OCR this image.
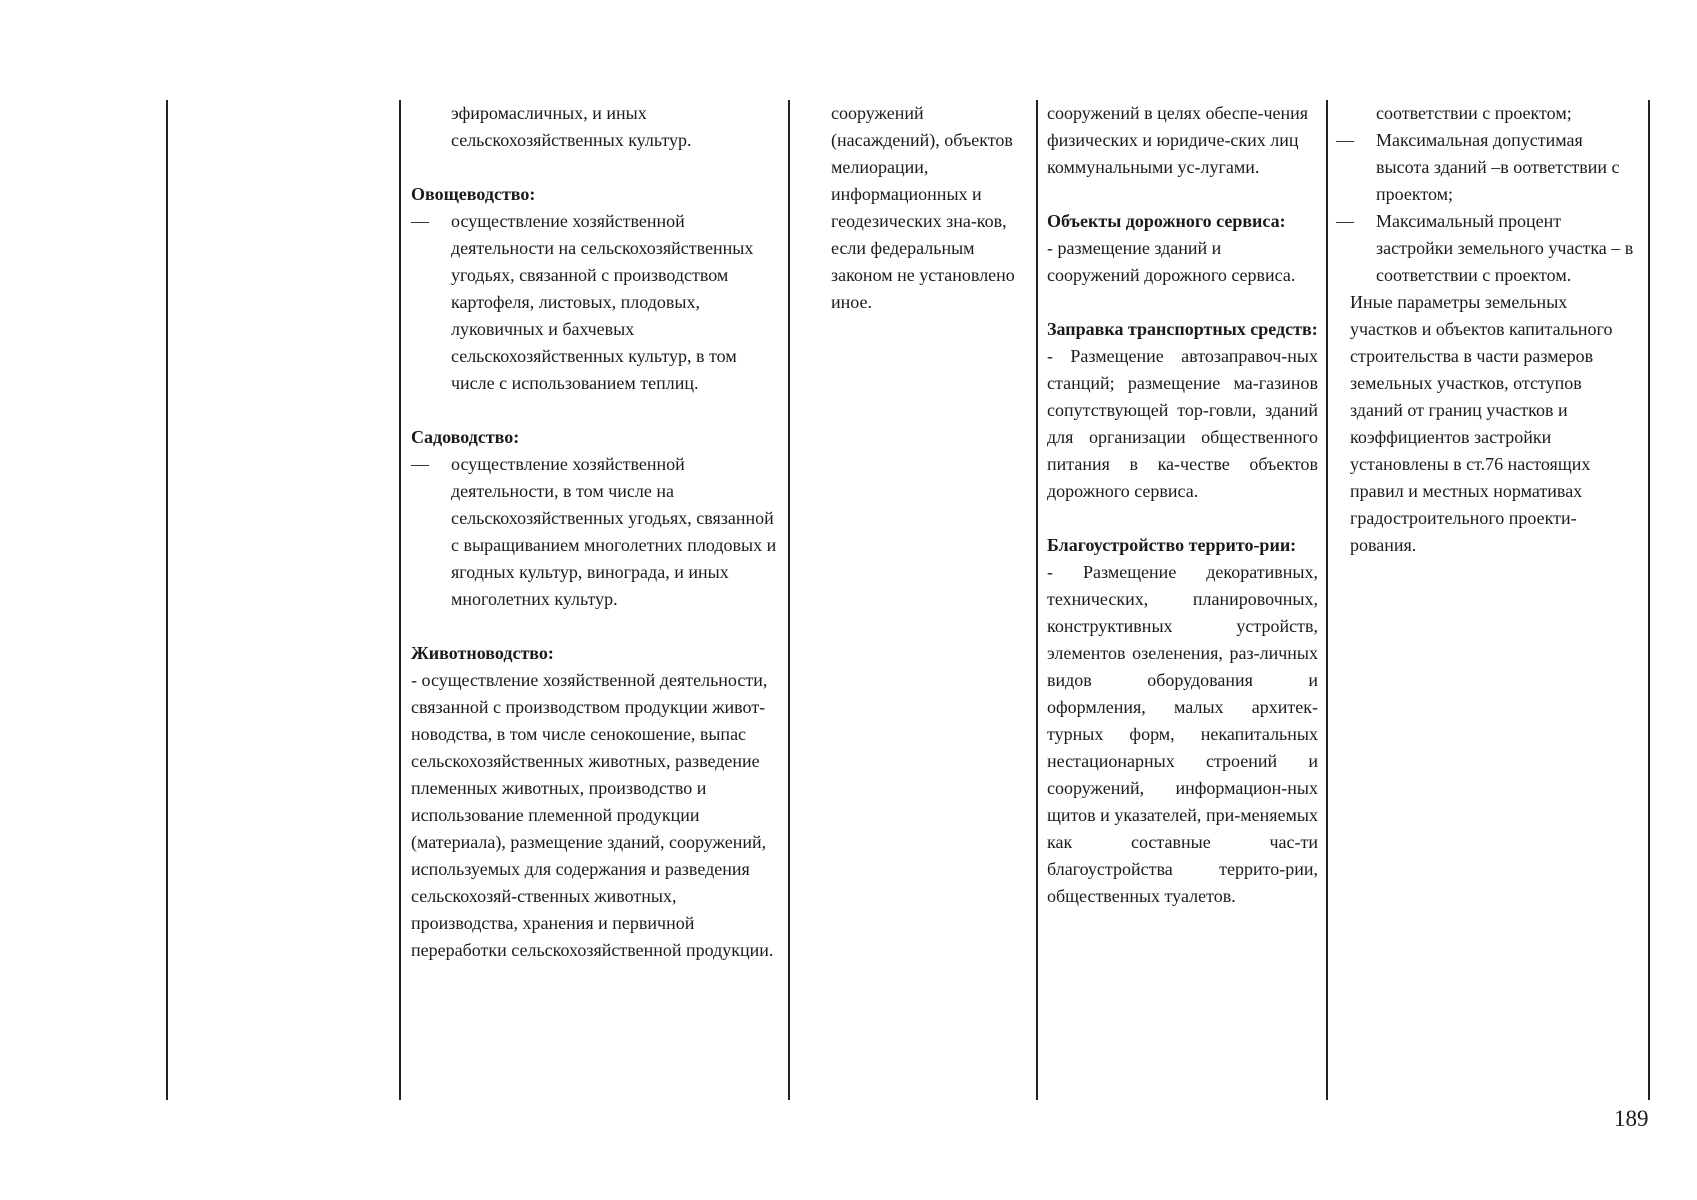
эфиромасличных, и иных сельскохозяйственных культур.

Овощеводство:

— осуществление хозяйственной деятельности на сельскохозяйственных угодьях, связанной с производством картофеля, листовых, плодовых, луковичных и бахчевых сельскохозяйственных культур, в том числе с использованием теплиц.

Садоводство:

— осуществление хозяйственной деятельности, в том числе на сельскохозяйственных угодьях, связанной с выращиванием многолетних плодовых и ягодных культур, винограда, и иных многолетних культур.

Животноводство:

- осуществление хозяйственной деятельности, связанной с производством продукции живот-новодства, в том числе сенокошение, выпас сельскохозяйственных животных, разведение племенных животных, производство и использование племенной продукции (материала), размещение зданий, сооружений, используемых для содержания и разведения сельскохозяй-ственных животных, производства, хранения и первичной переработки сельскохозяйственной продукции.

сооружений (насаждений), объектов мелиорации, информационных и геодезических зна-ков, если федеральным законом не установлено иное.

сооружений в целях обеспе-чения физических и юридиче-ских лиц коммунальными ус-лугами.

Объекты дорожного сервиса:

- размещение зданий и сооружений дорожного сервиса.

Заправка транспортных средств:

- Размещение автозаправоч-ных станций; размещение ма-газинов сопутствующей тор-говли, зданий для организации общественного питания в ка-честве объектов дорожного сервиса.

Благоустройство террито-рии:

- Размещение декоративных, технических, планировочных, конструктивных устройств, элементов озеленения, раз-личных видов оборудования и оформления, малых архитек-турных форм, некапитальных нестационарных строений и сооружений, информацион-ных щитов и указателей, при-меняемых как составные час-ти благоустройства террито-рии, общественных туалетов.

соответствии с проектом;

— Максимальная допустимая высота зданий –в оответствии с проектом;

— Максимальный процент застройки земельного участка – в соответствии с проектом.

Иные параметры земельных участков и объектов капитального строительства в части размеров земельных участков, отступов зданий от границ участков и коэффициентов застройки установлены в ст.76 настоящих правил и местных нормативах градостроительного проекти-рования.

189
